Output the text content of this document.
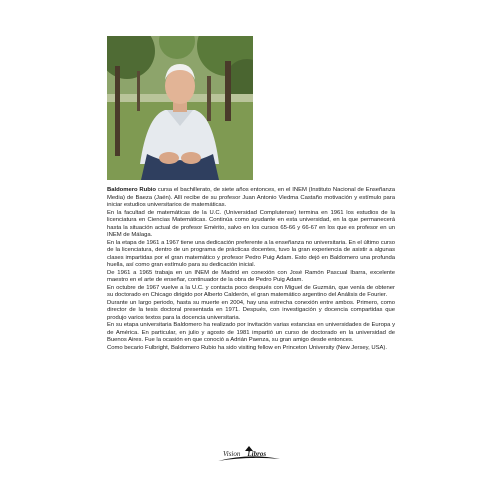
Baldomero Rubio cursa el bachillerato, de siete años entonces, en el INEM (Instituto Nacional de Enseñanza Media) de Baeza (Jaén). Allí recibe de su profesor Juan Antonio Viedma Castaño motivación y estímulo para iniciar estudios universitarios de matemáticas.

En la facultad de matemáticas de la U.C. (Universidad Complutense) termina en 1961 los estudios de la licenciatura en Ciencias Matemáticas. Continúa como ayudante en esta universidad, en la que permanecerá hasta la situación actual de profesor Emérito, salvo en los cursos 65-66 y 66-67 en los que es profesor en un INEM de Málaga.

En la etapa de 1961 a 1967 tiene una dedicación preferente a la enseñanza no universitaria. En el último curso de la licenciatura, dentro de un programa de prácticas docentes, tuvo la gran experiencia de asistir a algunas clases impartidas por el gran matemático y profesor Pedro Puig Adam. Esto dejó en Baldomero una profunda huella, así como gran estímulo para su dedicación inicial.

De 1961 a 1965 trabaja en un INEM de Madrid en conexión con José Ramón Pascual Ibarra, excelente maestro en el arte de enseñar, continuador de la obra de Pedro Puig Adam.

En octubre de 1967 vuelve a la U.C. y contacta poco después con Miguel de Guzmán, que venía de obtener su doctorado en Chicago dirigido por Alberto Calderón, el gran matemático argentino del Análisis de Fourier.

Durante un largo periodo, hasta su muerte en 2004, hay una estrecha conexión entre ambos. Primero, como director de la tesis doctoral presentada en 1971. Después, con investigación y docencia compartidas que produjo varios textos para la docencia universitaria.

En su etapa universitaria Baldomero ha realizado por invitación varias estancias en universidades de Europa y de América. En particular, en julio y agosto de 1981 impartió un curso de doctorado en la universidad de Buenos Aires. Fue la ocasión en que conoció a Adrián Paenza, su gran amigo desde entonces.

Como becario Fulbright, Baldomero Rubio ha sido visiting fellow en Princeton University (New Jersey, USA).

Vision Libros
